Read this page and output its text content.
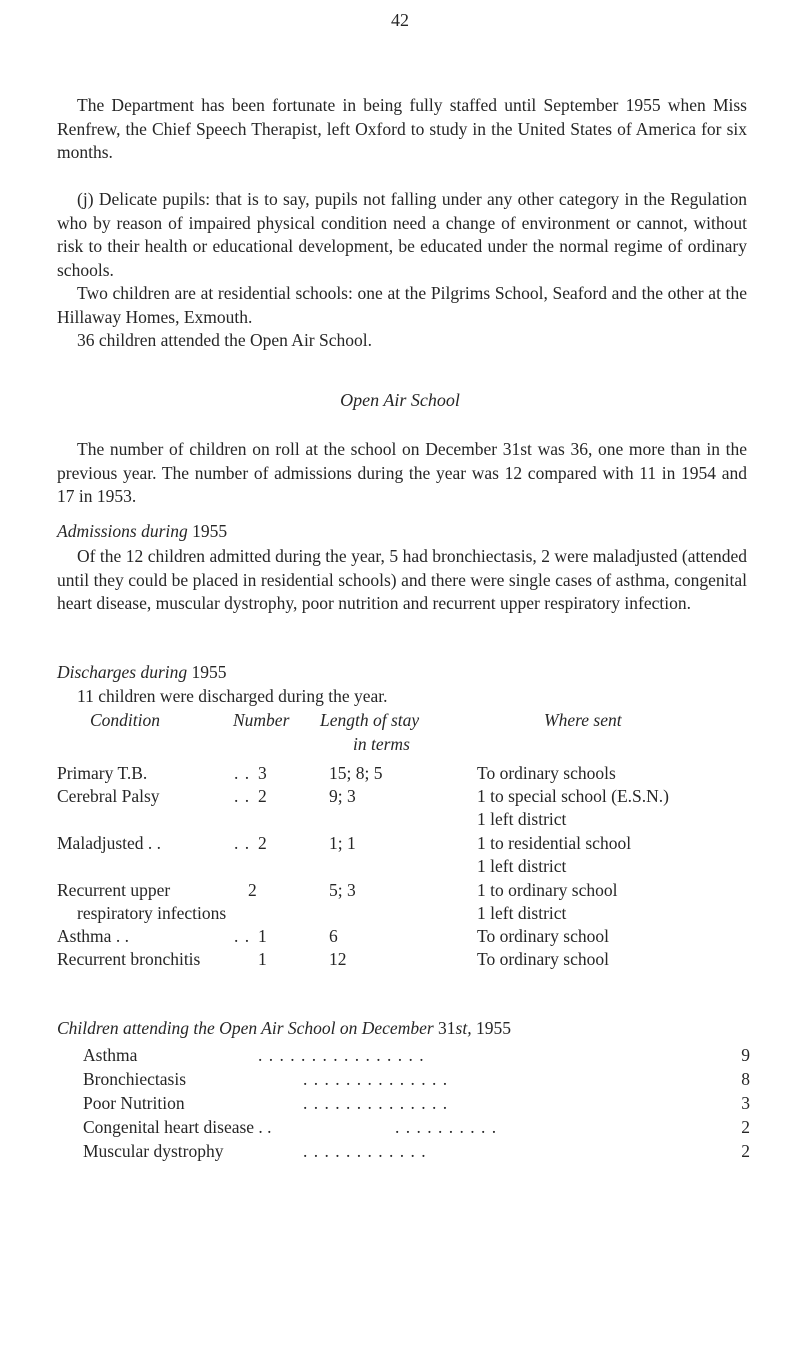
42

The Department has been fortunate in being fully staffed until September 1955 when Miss Renfrew, the Chief Speech Therapist, left Oxford to study in the United States of America for six months.

(j) Delicate pupils: that is to say, pupils not falling under any other category in the Regulation who by reason of impaired physical condition need a change of environment or cannot, without risk to their health or educational development, be educated under the normal regime of ordinary schools.

Two children are at residential schools: one at the Pilgrims School, Seaford and the other at the Hillaway Homes, Exmouth.

36 children attended the Open Air School.

Open Air School

The number of children on roll at the school on December 31st was 36, one more than in the previous year. The number of admissions during the year was 12 compared with 11 in 1954 and 17 in 1953.

Admissions during 1955

Of the 12 children admitted during the year, 5 had bronchiectasis, 2 were maladjusted (attended until they could be placed in residential schools) and there were single cases of asthma, congenital heart disease, muscular dystrophy, poor nutrition and recurrent upper respiratory infection.

Discharges during 1955
11 children were discharged during the year.
Condition	Number Length of stay
in terms
Where sent
Primary T.B.	. . 3	15; 8; 5	To ordinary schools
Cerebral Palsy	. . 2	9; 3	1 to special school (E.S.N.)
1 left district
Maladjusted . .	. . 2	1; 1	1 to residential school
1 left district
Recurrent upper
respiratory infections
2	5; 3	1 to ordinary school
1 left district
Asthma . .	. . 1	6	To ordinary school
Recurrent bronchitis	1	12	To ordinary school
Children attending the Open Air School on December 31st, 1955
Asthma	. . . . . . . . . . . . . . . .	9
Bronchiectasis	. . . . . . . . . . . . . .	8
Poor Nutrition	. . . . . . . . . . . . . .	3
Congenital heart disease . .	. . . . . . . . . .	2
Muscular dystrophy	. . . . . . . . . . . .	2
